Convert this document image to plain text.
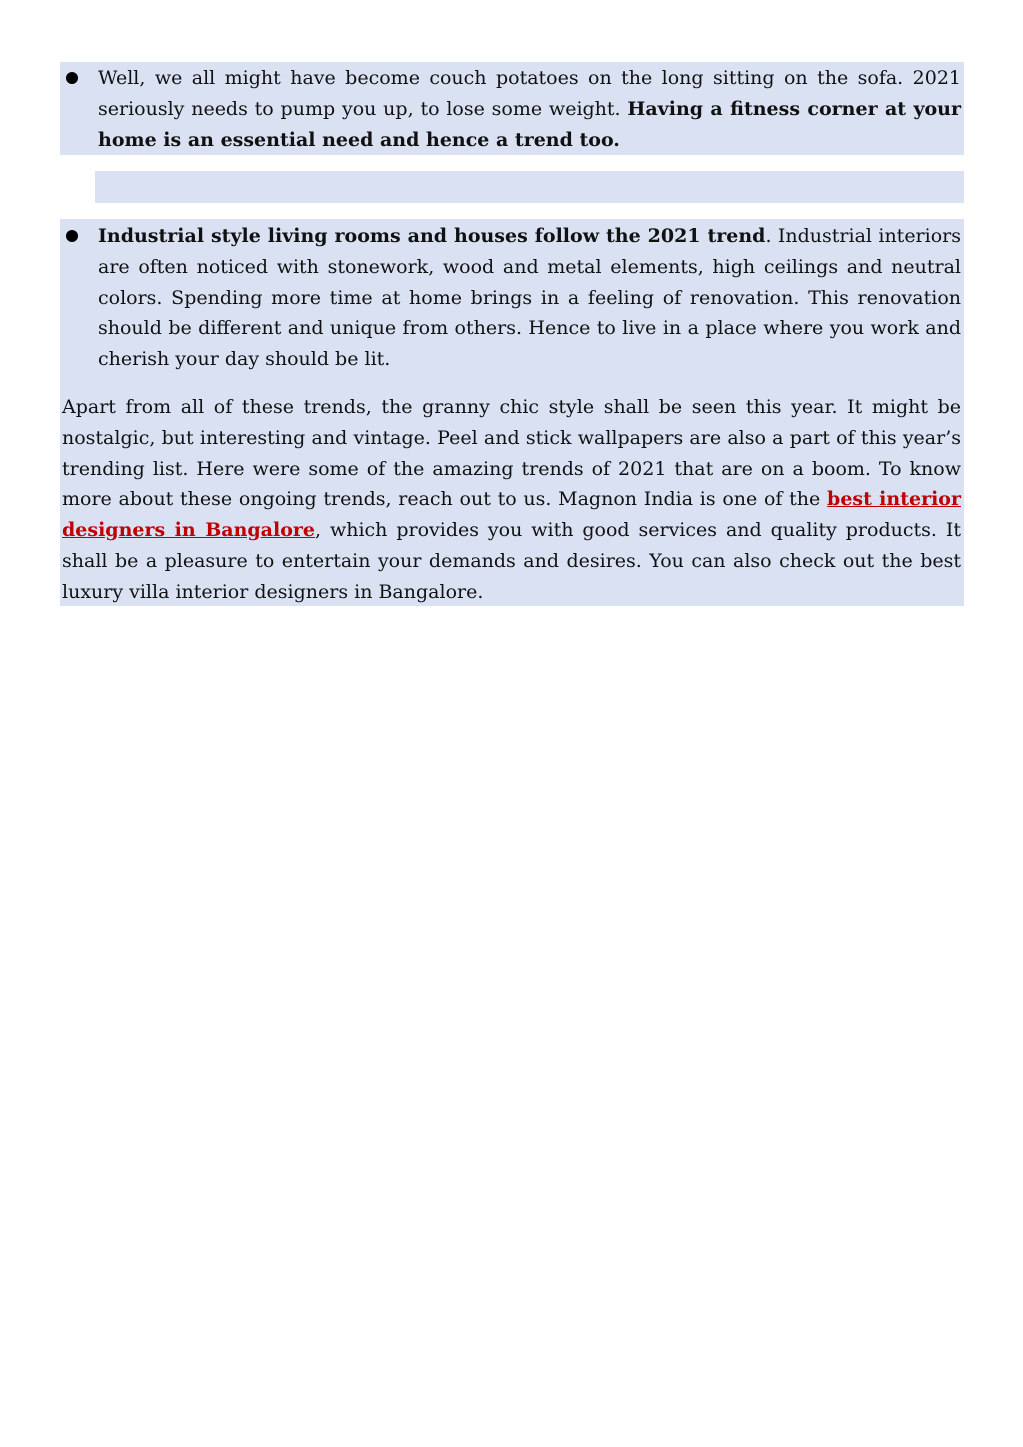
Well, we all might have become couch potatoes on the long sitting on the sofa. 2021 seriously needs to pump you up, to lose some weight. Having a fitness corner at your home is an essential need and hence a trend too.

Industrial style living rooms and houses follow the 2021 trend. Industrial interiors are often noticed with stonework, wood and metal elements, high ceilings and neutral colors. Spending more time at home brings in a feeling of renovation. This renovation should be different and unique from others. Hence to live in a place where you work and cherish your day should be lit.

Apart from all of these trends, the granny chic style shall be seen this year. It might be nostalgic, but interesting and vintage. Peel and stick wallpapers are also a part of this year’s trending list. Here were some of the amazing trends of 2021 that are on a boom. To know more about these ongoing trends, reach out to us. Magnon India is one of the best interior designers in Bangalore, which provides you with good services and quality products. It shall be a pleasure to entertain your demands and desires. You can also check out the best luxury villa interior designers in Bangalore.
